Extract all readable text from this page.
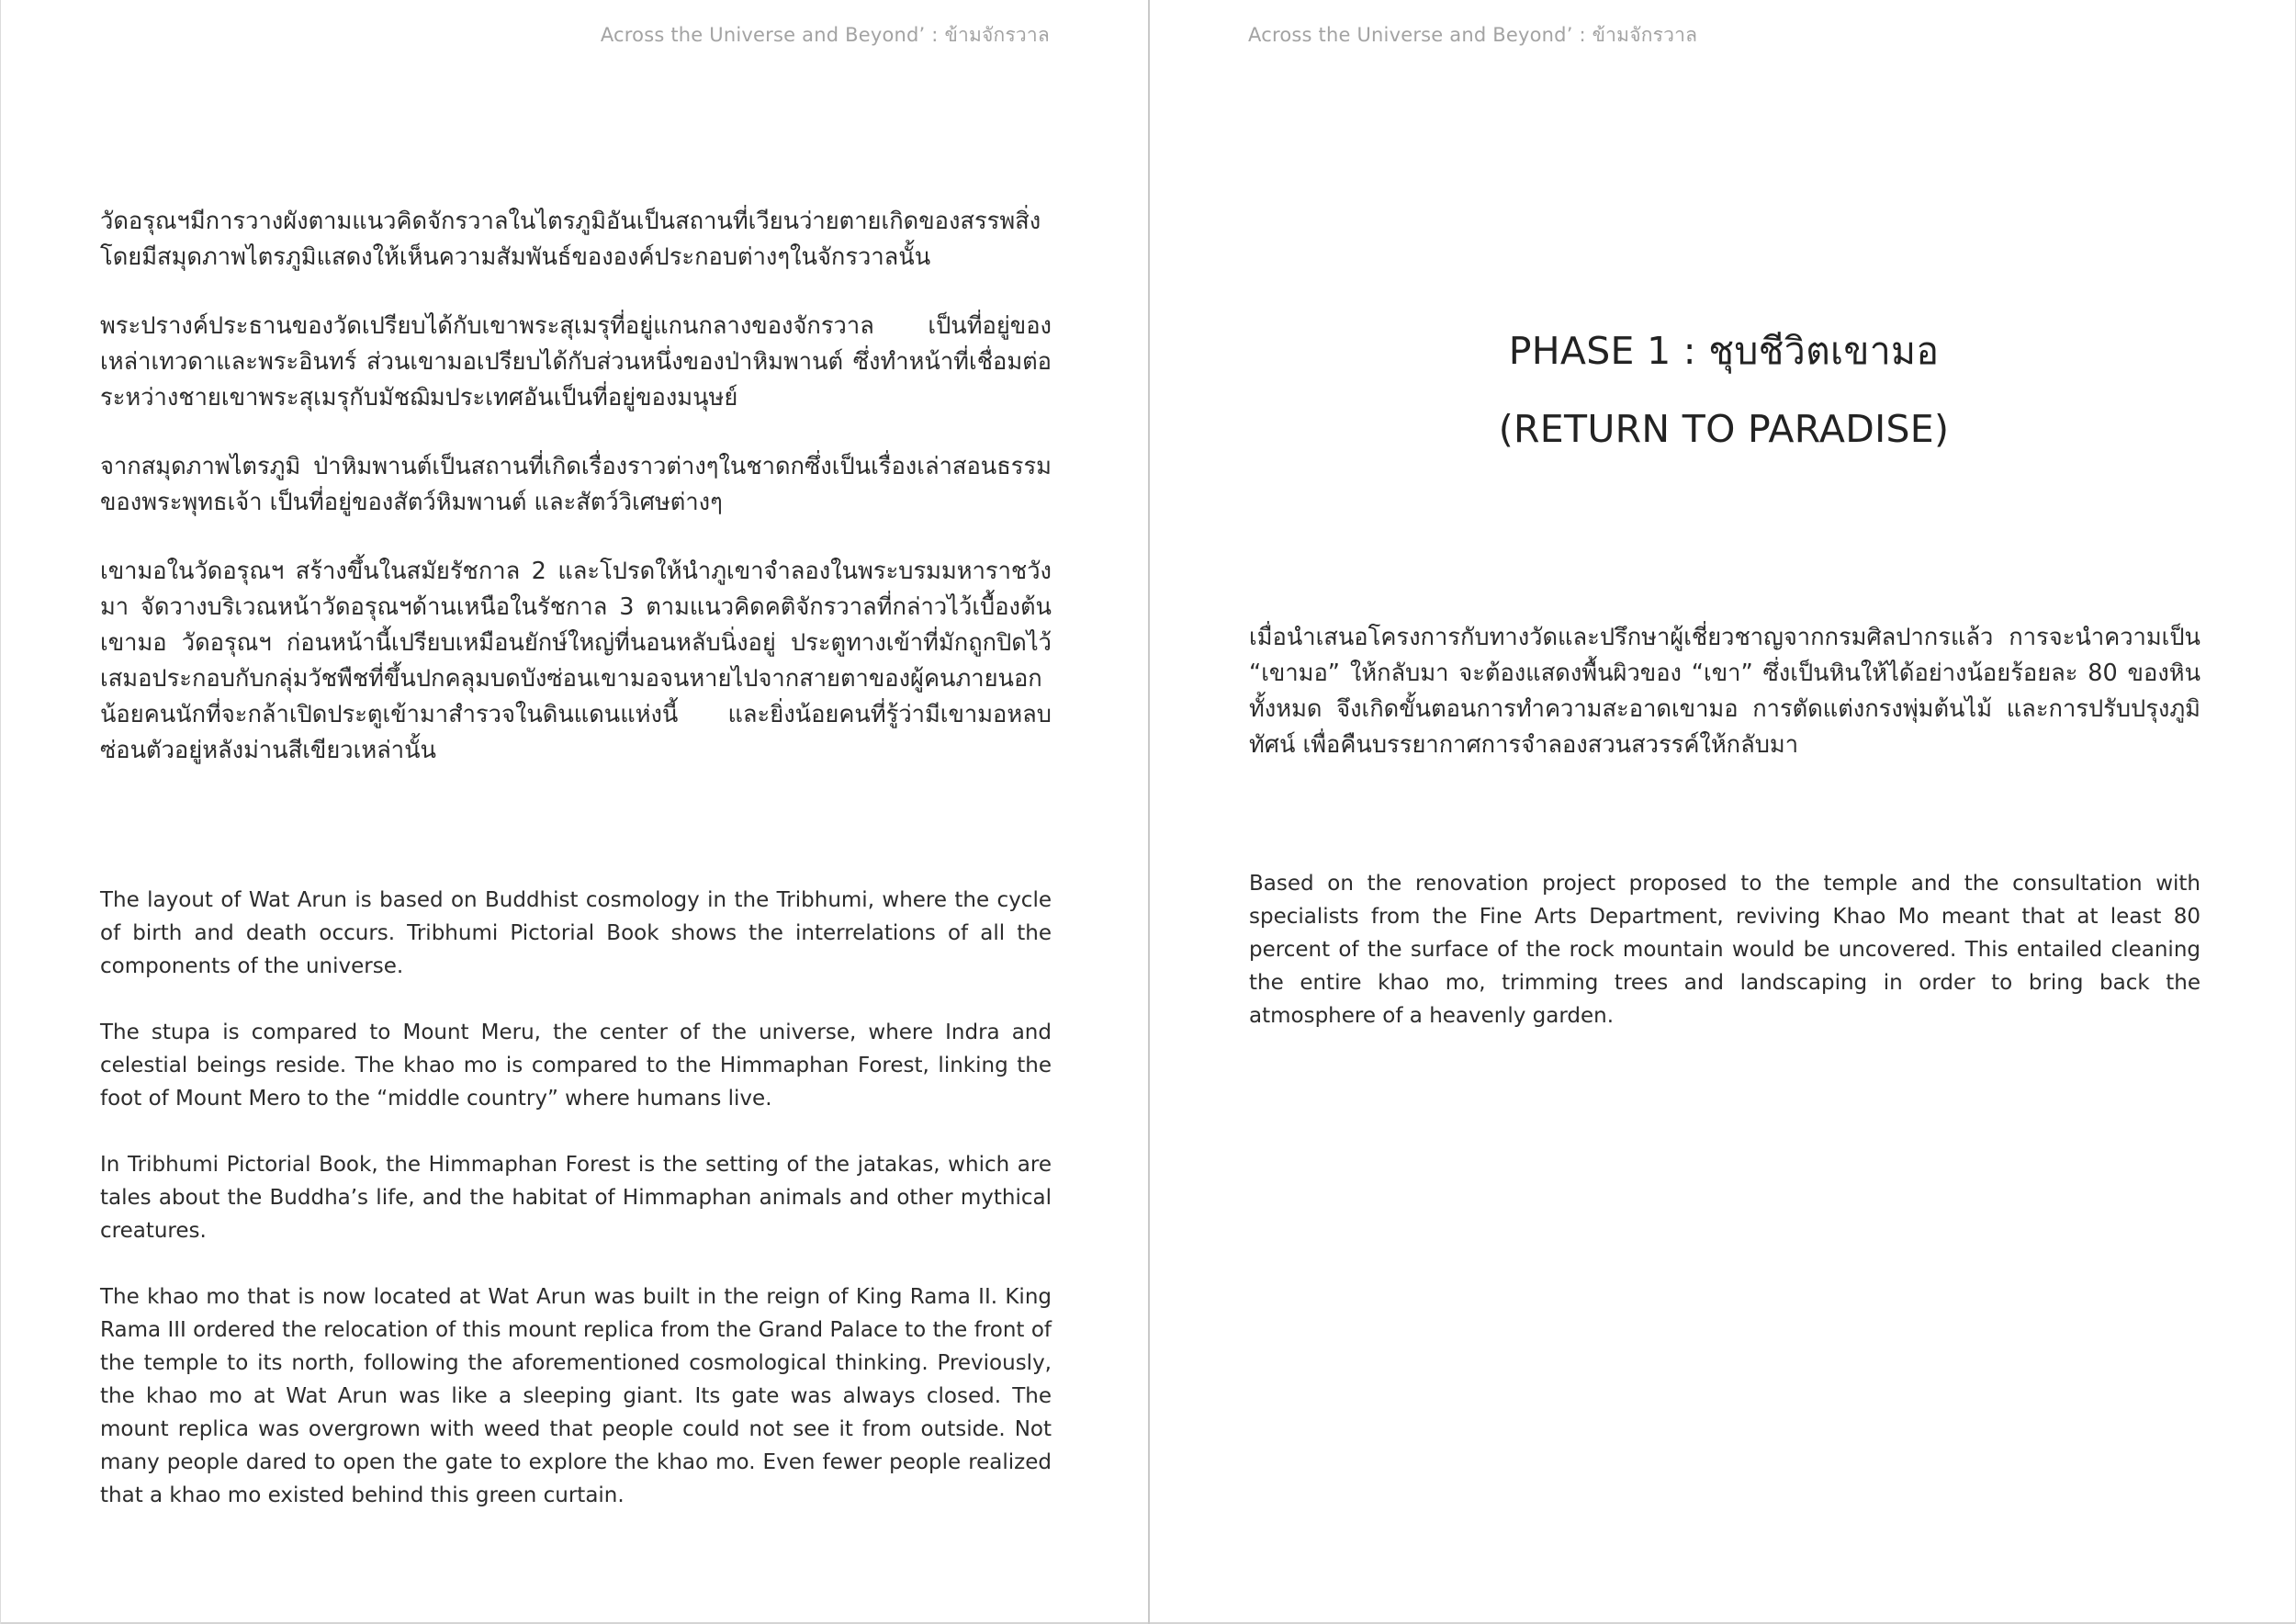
Across the Universe and Beyond’ : ข้ามจักรวาล

วัดอรุณฯมีการวางผังตามแนวคิดจักรวาลในไตรภูมิอันเป็นสถานที่เวียนว่ายตายเกิดของสรรพสิ่ง โดยมีสมุดภาพไตรภูมิแสดงให้เห็นความสัมพันธ์ขององค์ประกอบต่างๆในจักรวาลนั้น

พระปรางค์ประธานของวัดเปรียบได้กับเขาพระสุเมรุที่อยู่แกนกลางของจักรวาล เป็นที่อยู่ของเหล่าเทวดาและพระอินทร์ ส่วนเขามอเปรียบได้กับส่วนหนึ่งของป่าหิมพานต์ ซึ่งทำหน้าที่เชื่อมต่อระหว่างชายเขาพระสุเมรุกับมัชฌิมประเทศอันเป็นที่อยู่ของมนุษย์

จากสมุดภาพไตรภูมิ ป่าหิมพานต์เป็นสถานที่เกิดเรื่องราวต่างๆในชาดกซึ่งเป็นเรื่องเล่าสอนธรรมของพระพุทธเจ้า เป็นที่อยู่ของสัตว์หิมพานต์ และสัตว์วิเศษต่างๆ

เขามอในวัดอรุณฯ สร้างขึ้นในสมัยรัชกาล 2 และโปรดให้นำภูเขาจำลองในพระบรมมหาราชวังมา จัดวางบริเวณหน้าวัดอรุณฯด้านเหนือในรัชกาล 3 ตามแนวคิดคติจักรวาลที่กล่าวไว้เบื้องต้น เขามอ วัดอรุณฯ ก่อนหน้านี้เปรียบเหมือนยักษ์ใหญ่ที่นอนหลับนิ่งอยู่ ประตูทางเข้าที่มักถูกปิดไว้เสมอประกอบกับกลุ่มวัชพืชที่ขึ้นปกคลุมบดบังซ่อนเขามอจนหายไปจากสายตาของผู้คนภายนอก น้อยคนนักที่จะกล้าเปิดประตูเข้ามาสำรวจในดินแดนแห่งนี้ และยิ่งน้อยคนที่รู้ว่ามีเขามอหลบซ่อนตัวอยู่หลังม่านสีเขียวเหล่านั้น

The layout of Wat Arun is based on Buddhist cosmology in the Tribhumi, where the cycle of birth and death occurs. Tribhumi Pictorial Book shows the interrelations of all the components of the universe.

The stupa is compared to Mount Meru, the center of the universe, where Indra and celestial beings reside. The khao mo is compared to the Himmaphan Forest, linking the foot of Mount Mero to the “middle country” where humans live.

In Tribhumi Pictorial Book, the Himmaphan Forest is the setting of the jatakas, which are tales about the Buddha’s life, and the habitat of Himmaphan animals and other mythical creatures.

The khao mo that is now located at Wat Arun was built in the reign of King Rama II. King Rama III ordered the relocation of this mount replica from the Grand Palace to the front of the temple to its north, following the aforementioned cosmological thinking. Previously, the khao mo at Wat Arun was like a sleeping giant. Its gate was always closed. The mount replica was overgrown with weed that people could not see it from outside. Not many people dared to open the gate to explore the khao mo. Even fewer people realized that a khao mo existed behind this green curtain.

Across the Universe and Beyond’ : ข้ามจักรวาล
PHASE 1 : ชุบชีวิตเขามอ
(RETURN TO PARADISE)

เมื่อนำเสนอโครงการกับทางวัดและปรึกษาผู้เชี่ยวชาญจากกรมศิลปากรแล้ว การจะนำความเป็น “เขามอ” ให้กลับมา จะต้องแสดงพื้นผิวของ “เขา” ซึ่งเป็นหินให้ได้อย่างน้อยร้อยละ 80 ของหินทั้งหมด จึงเกิดขั้นตอนการทำความสะอาดเขามอ การตัดแต่งกรงพุ่มต้นไม้ และการปรับปรุงภูมิทัศน์ เพื่อคืนบรรยากาศการจำลองสวนสวรรค์ให้กลับมา

Based on the renovation project proposed to the temple and the consultation with specialists from the Fine Arts Department, reviving Khao Mo meant that at least 80 percent of the surface of the rock mountain would be uncovered. This entailed cleaning the entire khao mo, trimming trees and landscaping in order to bring back the atmosphere of a heavenly garden.
